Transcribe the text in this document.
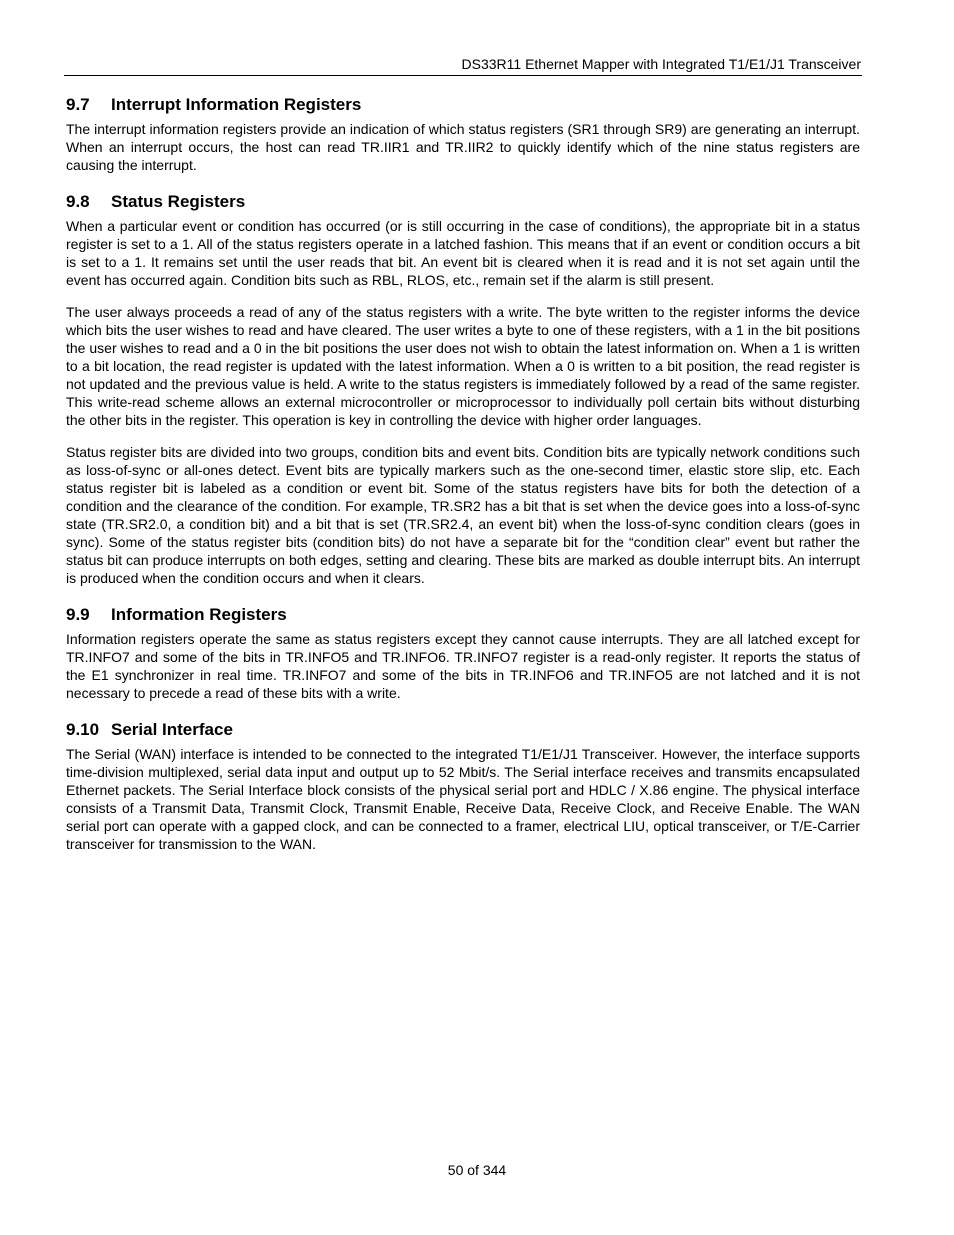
DS33R11 Ethernet Mapper with Integrated T1/E1/J1 Transceiver
9.7	Interrupt Information Registers

The interrupt information registers provide an indication of which status registers (SR1 through SR9) are generating an interrupt. When an interrupt occurs, the host can read TR.IIR1 and TR.IIR2 to quickly identify which of the nine status registers are causing the interrupt.

9.8	Status Registers

When a particular event or condition has occurred (or is still occurring in the case of conditions), the appropriate bit in a status register is set to a 1. All of the status registers operate in a latched fashion. This means that if an event or condition occurs a bit is set to a 1. It remains set until the user reads that bit. An event bit is cleared when it is read and it is not set again until the event has occurred again. Condition bits such as RBL, RLOS, etc., remain set if the alarm is still present.

The user always proceeds a read of any of the status registers with a write. The byte written to the register informs the device which bits the user wishes to read and have cleared. The user writes a byte to one of these registers, with a 1 in the bit positions the user wishes to read and a 0 in the bit positions the user does not wish to obtain the latest information on. When a 1 is written to a bit location, the read register is updated with the latest information. When a 0 is written to a bit position, the read register is not updated and the previous value is held. A write to the status registers is immediately followed by a read of the same register. This write-read scheme allows an external microcontroller or microprocessor to individually poll certain bits without disturbing the other bits in the register. This operation is key in controlling the device with higher order languages.

Status register bits are divided into two groups, condition bits and event bits. Condition bits are typically network conditions such as loss-of-sync or all-ones detect. Event bits are typically markers such as the one-second timer, elastic store slip, etc. Each status register bit is labeled as a condition or event bit. Some of the status registers have bits for both the detection of a condition and the clearance of the condition. For example, TR.SR2 has a bit that is set when the device goes into a loss-of-sync state (TR.SR2.0, a condition bit) and a bit that is set (TR.SR2.4, an event bit) when the loss-of-sync condition clears (goes in sync). Some of the status register bits (condition bits) do not have a separate bit for the “condition clear” event but rather the status bit can produce interrupts on both edges, setting and clearing. These bits are marked as double interrupt bits. An interrupt is produced when the condition occurs and when it clears.

9.9	Information Registers

Information registers operate the same as status registers except they cannot cause interrupts. They are all latched except for TR.INFO7 and some of the bits in TR.INFO5 and TR.INFO6. TR.INFO7 register is a read-only register. It reports the status of the E1 synchronizer in real time. TR.INFO7 and some of the bits in TR.INFO6 and TR.INFO5 are not latched and it is not necessary to precede a read of these bits with a write.

9.10 Serial Interface

The Serial (WAN) interface is intended to be connected to the integrated T1/E1/J1 Transceiver. However, the interface supports time-division multiplexed, serial data input and output up to 52 Mbit/s. The Serial interface receives and transmits encapsulated Ethernet packets. The Serial Interface block consists of the physical serial port and HDLC / X.86 engine. The physical interface consists of a Transmit Data, Transmit Clock, Transmit Enable, Receive Data, Receive Clock, and Receive Enable. The WAN serial port can operate with a gapped clock, and can be connected to a framer, electrical LIU, optical transceiver, or T/E-Carrier transceiver for transmission to the WAN.

50 of 344
